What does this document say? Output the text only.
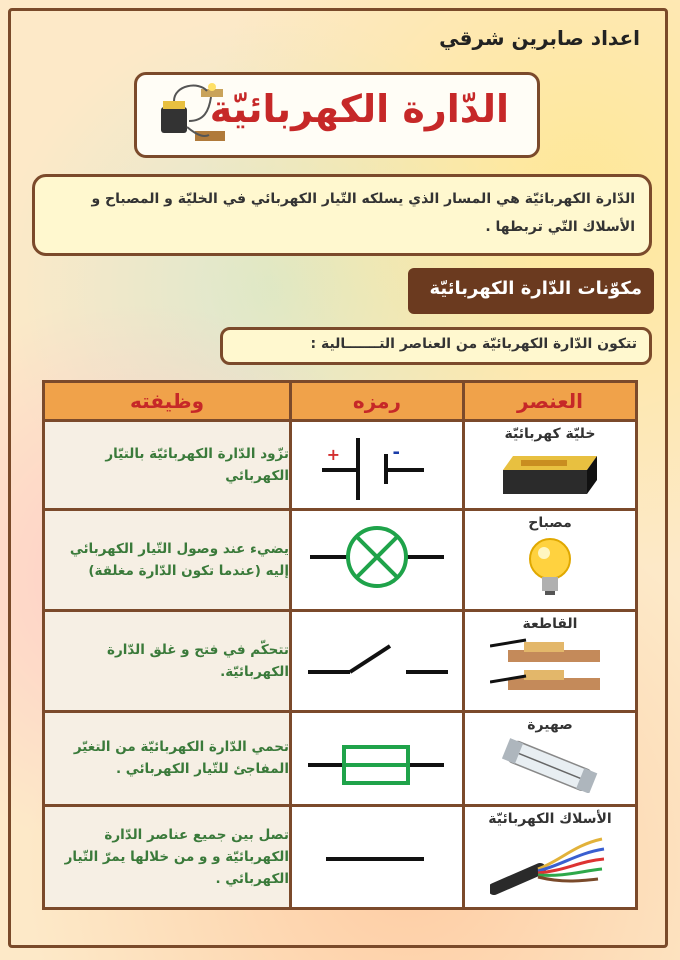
اعداد صابرين شرقي
الدّارة الكهربائيّة
الدّارة الكهربائيّة هي المسار الذي يسلكه التّيار الكهربائي في الخليّة و المصباح و الأسلاك التّي تربطها .
مكوّنات الدّارة الكهربائيّة
تتكون الدّارة الكهربائيّة من العناصر التـــــــالية :
العنصر	رمزه	وظيفته

خليّة كهربائيّة	+ -	تزّود الدّارة الكهربائيّة بالتيّار الكهربائي

مصباح		يضيء عند وصول التّيار الكهربائي إليه (عندما تكون الدّارة مغلقة)

القاطعة		تتحكّم في فتح و غلق الدّارة الكهربائيّة.

صهيرة		تحمي الدّارة الكهربائيّة من التغيّر المفاجئ للتّيار الكهربائي .

الأسلاك الكهربائيّة		تصل بين جميع عناصر الدّارة الكهربائيّة و و من خلالها يمرّ التّيار الكهربائي .
